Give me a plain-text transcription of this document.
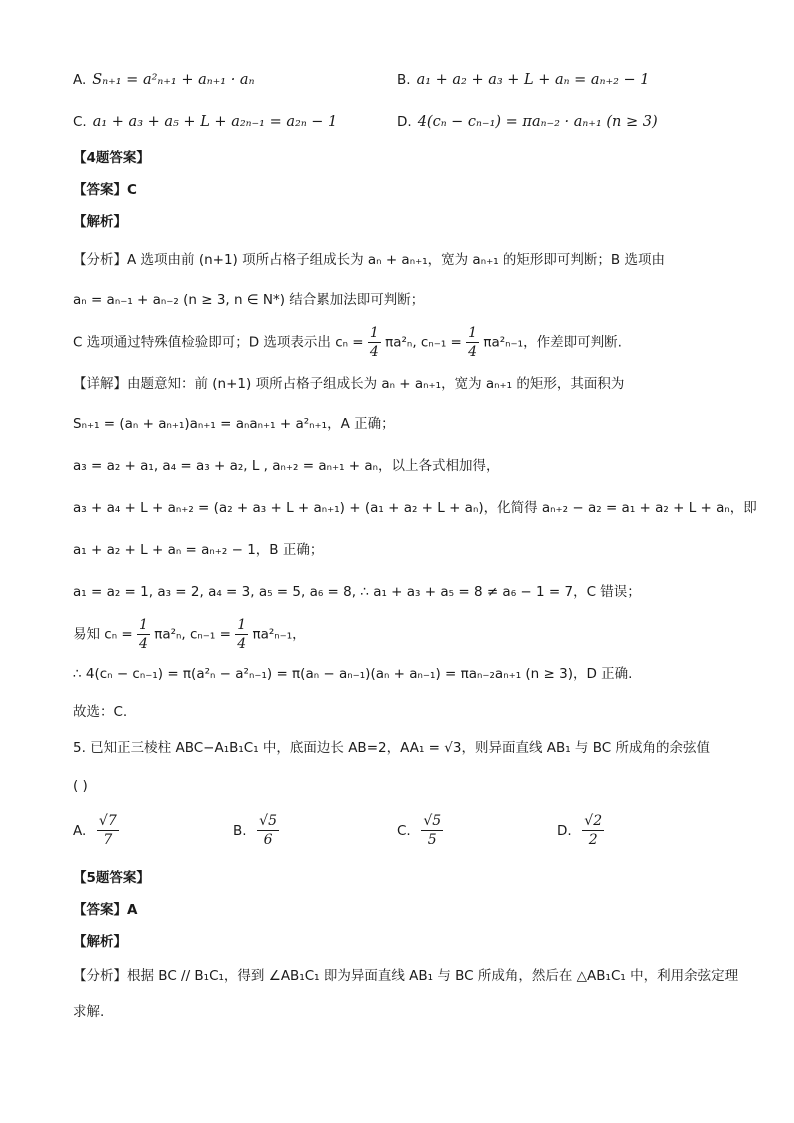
A. Sₙ₊₁ = a²ₙ₊₁ + aₙ₊₁ · aₙ	B. a₁ + a₂ + a₃ + L + aₙ = aₙ₊₂ − 1
C. a₁ + a₃ + a₅ + L + a₂ₙ₋₁ = a₂ₙ − 1	D. 4(cₙ − cₙ₋₁) = πaₙ₋₂ · aₙ₊₁ (n ≥ 3)
【4题答案】
【答案】C
【解析】
【分析】A 选项由前 (n+1) 项所占格子组成长为 aₙ + aₙ₊₁，宽为 aₙ₊₁ 的矩形即可判断；B 选项由
aₙ = aₙ₋₁ + aₙ₋₂ (n ≥ 3, n ∈ N*) 结合累加法即可判断；
C 选项通过特殊值检验即可；D 选项表示出 $c_n = \frac{1}{4} \pi a^2_n$, $c_{n-1} = \frac{1}{4} \pi a^2_{n-1}$，作差即可判断.
【详解】由题意知：前 (n+1) 项所占格子组成长为 aₙ + aₙ₊₁，宽为 aₙ₊₁ 的矩形，其面积为
Sₙ₊₁ = (aₙ + aₙ₊₁)aₙ₊₁ = aₙaₙ₊₁ + a²ₙ₊₁，A 正确；
a₃ = a₂ + a₁, a₄ = a₃ + a₂, L , aₙ₊₂ = aₙ₊₁ + aₙ，以上各式相加得，
a₃ + a₄ + L + aₙ₊₂ = (a₂ + a₃ + L + aₙ₊₁) + (a₁ + a₂ + L + aₙ)，化简得 aₙ₊₂ − a₂ = a₁ + a₂ + L + aₙ，即
a₁ + a₂ + L + aₙ = aₙ₊₂ − 1，B 正确；
a₁ = a₂ = 1, a₃ = 2, a₄ = 3, a₅ = 5, a₆ = 8, ∴ a₁ + a₃ + a₅ = 8 ≠ a₆ − 1 = 7，C 错误；
易知 $c_n = \frac{1}{4} \pi a^2_n$, $c_{n-1} = \frac{1}{4} \pi a^2_{n-1}$，
∴ 4(cₙ − cₙ₋₁) = π(a²ₙ − a²ₙ₋₁) = π(aₙ − aₙ₋₁)(aₙ + aₙ₋₁) = πaₙ₋₂aₙ₊₁ (n ≥ 3)，D 正确.
故选：C.
5. 已知正三棱柱 ABC−A₁B₁C₁ 中，底面边长 AB=2，AA₁ = √3，则异面直线 AB₁ 与 BC 所成角的余弦值
( )
A. $\frac{√7}{7}$	B. $\frac{√5}{6}$	C. $\frac{√5}{5}$	D. $\frac{√2}{2}$
【5题答案】
【答案】A
【解析】
【分析】根据 BC // B₁C₁，得到 ∠AB₁C₁ 即为异面直线 AB₁ 与 BC 所成角，然后在 △AB₁C₁ 中，利用余弦定理
求解.
